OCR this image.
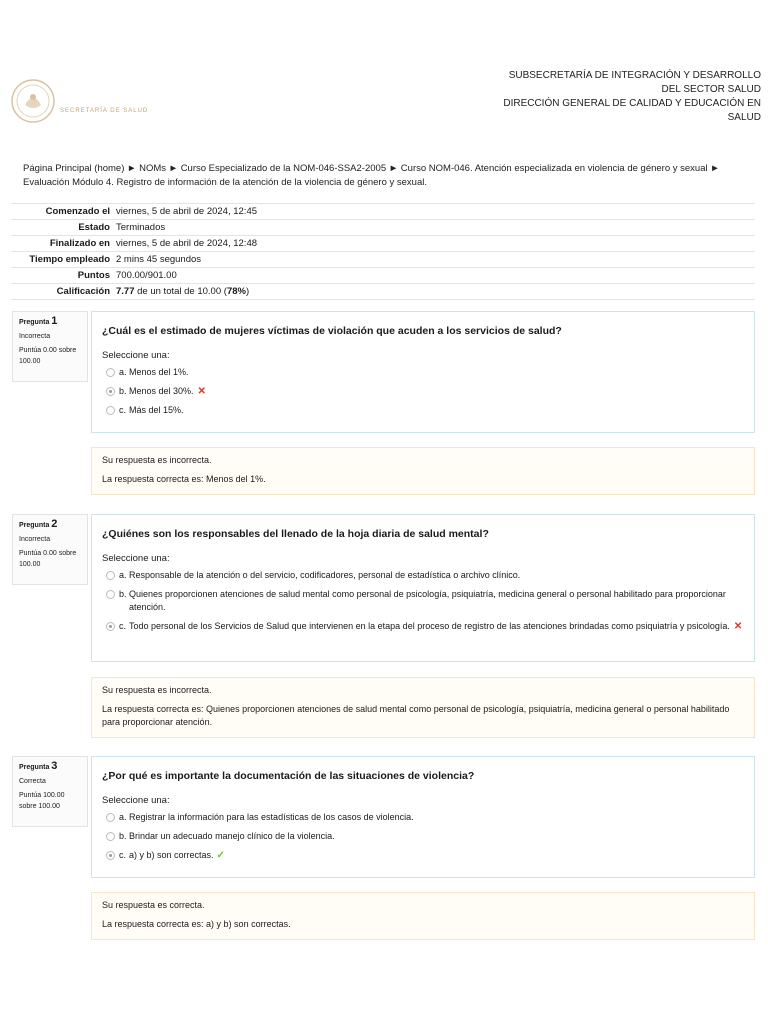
SECRETARÍA DE SALUD
SUBSECRETARÍA DE INTEGRACIÓN Y DESARROLLO
DEL SECTOR SALUD
DIRECCIÓN GENERAL DE CALIDAD Y EDUCACIÓN EN
SALUD
Página Principal (home) ► NOMs ► Curso Especializado de la NOM-046-SSA2-2005 ► Curso NOM-046. Atención especializada en violencia de género y sexual ► Evaluación Módulo 4. Registro de información de la atención de la violencia de género y sexual.
Comenzado el	viernes, 5 de abril de 2024, 12:45
Estado	Terminados
Finalizado en	viernes, 5 de abril de 2024, 12:48
Tiempo empleado	2 mins 45 segundos
Puntos	700.00/901.00
Calificación	7.77 de un total de 10.00 (78%)
Pregunta 1
Incorrecta
Puntúa 0.00 sobre 100.00
¿Cuál es el estimado de mujeres víctimas de violación que acuden a los servicios de salud?
Seleccione una:
a. Menos del 1%.
b. Menos del 30%. ✕
c. Más del 15%.
Su respuesta es incorrecta.
La respuesta correcta es: Menos del 1%.
Pregunta 2
Incorrecta
Puntúa 0.00 sobre 100.00
¿Quiénes son los responsables del llenado de la hoja diaria de salud mental?
Seleccione una:
a. Responsable de la atención o del servicio, codificadores, personal de estadística o archivo clínico.
b. Quienes proporcionen atenciones de salud mental como personal de psicología, psiquiatría, medicina general o personal habilitado para proporcionar atención.
c. Todo personal de los Servicios de Salud que intervienen en la etapa del proceso de registro de las atenciones brindadas como psiquiatría y psicología. ✕
Su respuesta es incorrecta.
La respuesta correcta es: Quienes proporcionen atenciones de salud mental como personal de psicología, psiquiatría, medicina general o personal habilitado para proporcionar atención.
Pregunta 3
Correcta
Puntúa 100.00 sobre 100.00
¿Por qué es importante la documentación de las situaciones de violencia?
Seleccione una:
a. Registrar la información para las estadísticas de los casos de violencia.
b. Brindar un adecuado manejo clínico de la violencia.
c. a) y b) son correctas. ✓
Su respuesta es correcta.
La respuesta correcta es: a) y b) son correctas.
